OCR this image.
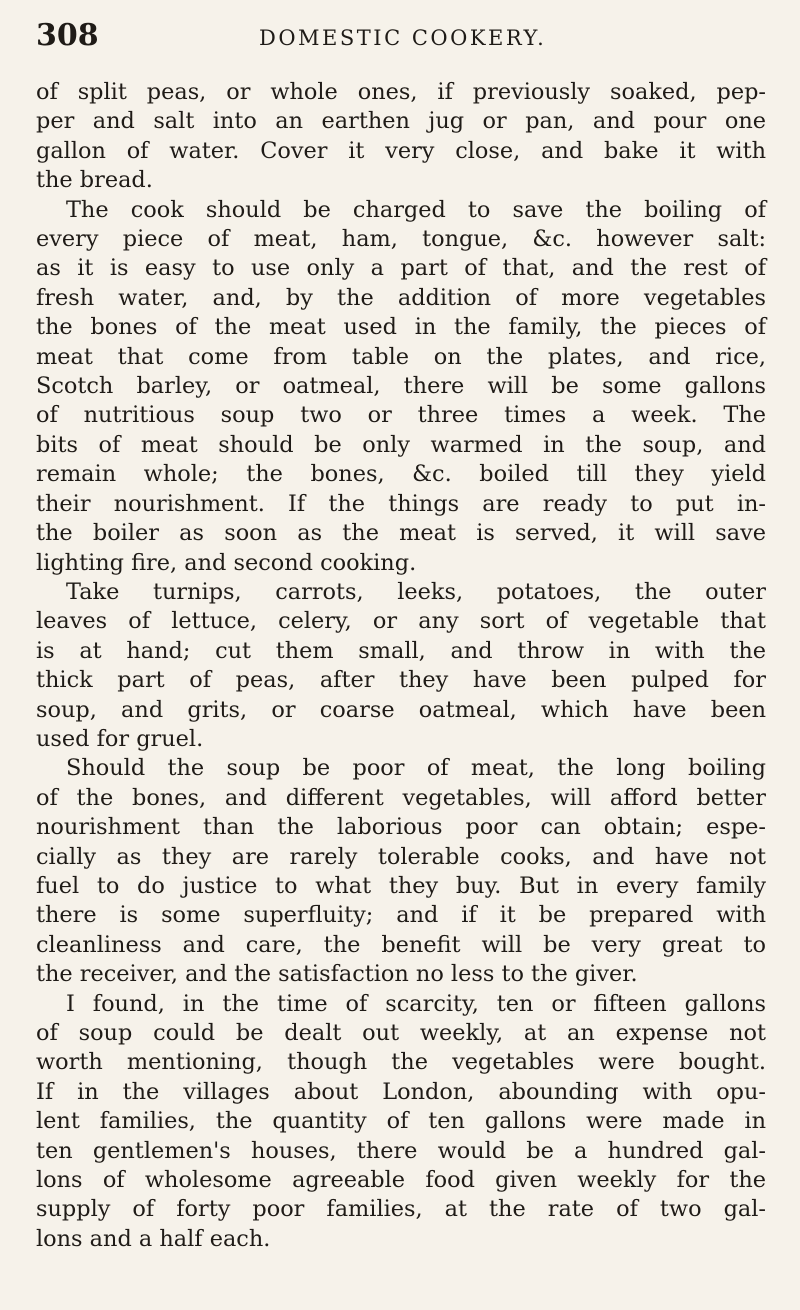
308	DOMESTIC COOKERY.
of split peas, or whole ones, if previously soaked, pep-
per and salt into an earthen jug or pan, and pour one
gallon of water. Cover it very close, and bake it with
the bread.
The cook should be charged to save the boiling of
every piece of meat, ham, tongue, &c. however salt:
as it is easy to use only a part of that, and the rest of
fresh water, and, by the addition of more vegetables
the bones of the meat used in the family, the pieces of
meat that come from table on the plates, and rice,
Scotch barley, or oatmeal, there will be some gallons
of nutritious soup two or three times a week. The
bits of meat should be only warmed in the soup, and
remain whole; the bones, &c. boiled till they yield
their nourishment. If the things are ready to put in-
the boiler as soon as the meat is served, it will save
lighting fire, and second cooking.
Take turnips, carrots, leeks, potatoes, the outer
leaves of lettuce, celery, or any sort of vegetable that
is at hand; cut them small, and throw in with the
thick part of peas, after they have been pulped for
soup, and grits, or coarse oatmeal, which have been
used for gruel.
Should the soup be poor of meat, the long boiling
of the bones, and different vegetables, will afford better
nourishment than the laborious poor can obtain; espe-
cially as they are rarely tolerable cooks, and have not
fuel to do justice to what they buy. But in every family
there is some superfluity; and if it be prepared with
cleanliness and care, the benefit will be very great to
the receiver, and the satisfaction no less to the giver.
I found, in the time of scarcity, ten or fifteen gallons
of soup could be dealt out weekly, at an expense not
worth mentioning, though the vegetables were bought.
If in the villages about London, abounding with opu-
lent families, the quantity of ten gallons were made in
ten gentlemen's houses, there would be a hundred gal-
lons of wholesome agreeable food given weekly for the
supply of forty poor families, at the rate of two gal-
lons and a half each.
